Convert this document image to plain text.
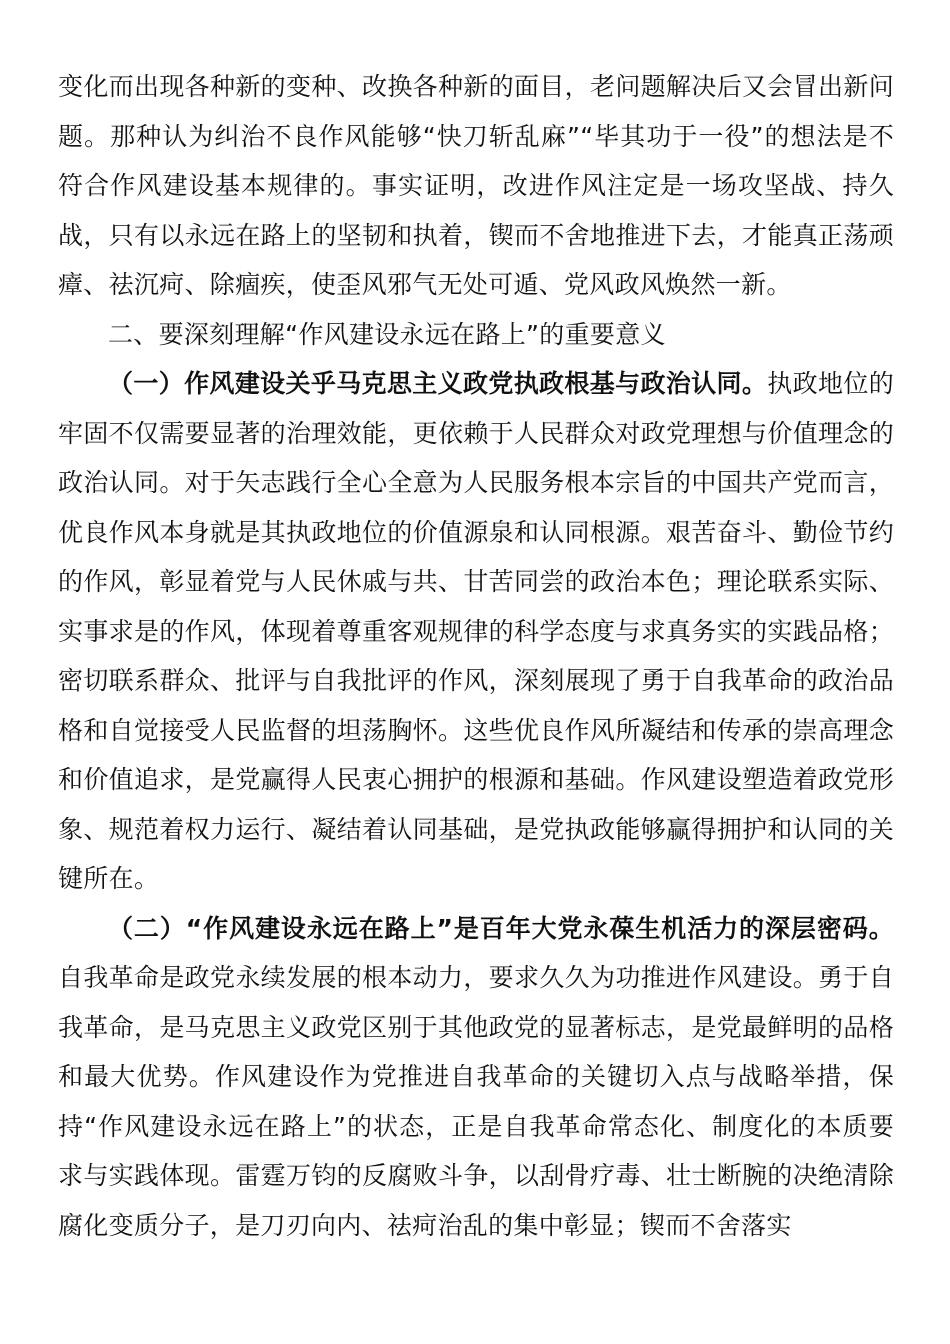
变化而出现各种新的变种、改换各种新的面目，老问题解决后又会冒出新问题。那种认为纠治不良作风能够“快刀斩乱麻”“毕其功于一役”的想法是不符合作风建设基本规律的。事实证明，改进作风注定是一场攻坚战、持久战，只有以永远在路上的坚韧和执着，锲而不舍地推进下去，才能真正荡顽瘴、祛沉疴、除痼疾，使歪风邪气无处可遁、党风政风焕然一新。

二、要深刻理解“作风建设永远在路上”的重要意义

（一）作风建设关乎马克思主义政党执政根基与政治认同。执政地位的牢固不仅需要显著的治理效能，更依赖于人民群众对政党理想与价值理念的政治认同。对于矢志践行全心全意为人民服务根本宗旨的中国共产党而言，优良作风本身就是其执政地位的价值源泉和认同根源。艰苦奋斗、勤俭节约的作风，彰显着党与人民休戚与共、甘苦同尝的政治本色；理论联系实际、实事求是的作风，体现着尊重客观规律的科学态度与求真务实的实践品格；密切联系群众、批评与自我批评的作风，深刻展现了勇于自我革命的政治品格和自觉接受人民监督的坦荡胸怀。这些优良作风所凝结和传承的崇高理念和价值追求，是党赢得人民衷心拥护的根源和基础。作风建设塑造着政党形象、规范着权力运行、凝结着认同基础，是党执政能够赢得拥护和认同的关键所在。

（二）“作风建设永远在路上”是百年大党永葆生机活力的深层密码。自我革命是政党永续发展的根本动力，要求久久为功推进作风建设。勇于自我革命，是马克思主义政党区别于其他政党的显著标志，是党最鲜明的品格和最大优势。作风建设作为党推进自我革命的关键切入点与战略举措，保持“作风建设永远在路上”的状态，正是自我革命常态化、制度化的本质要求与实践体现。雷霆万钧的反腐败斗争，以刮骨疗毒、壮士断腕的决绝清除腐化变质分子，是刀刃向内、祛疴治乱的集中彰显；锲而不舍落实
